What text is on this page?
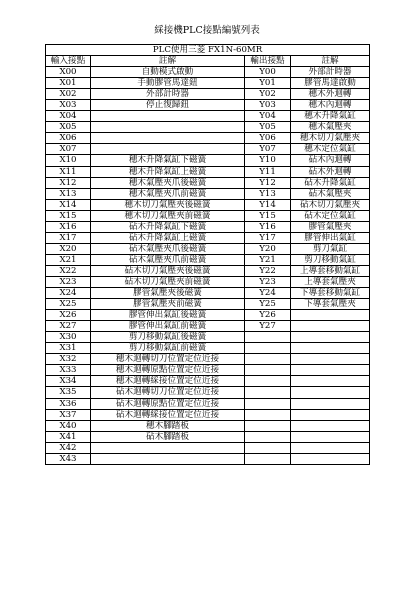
綵接機PLC接點編號列表
PLC使用三菱 FX1N-60MR			
輸入接點	註解	輸出接點	註解
X00	自動模式啟動	Y00	外部計時器
X01	手動膠管馬達鈕	Y01	膠管馬達啟動
X02	外部計時器	Y02	穗木外迴轉
X03	停止復歸鈕	Y03	穗木內迴轉
X04		Y04	穗木升降氣缸
X05		Y05	穗木氣壓夾
X06		Y06	穗木切刀氣壓夾
X07		Y07	穗木定位氣缸
X10	穗木升降氣缸下磁簧	Y10	砧木內迴轉
X11	穗木升降氣缸上磁簧	Y11	砧木外迴轉
X12	穗木氣壓夾爪後磁簧	Y12	砧木升降氣缸
X13	穗木氣壓夾爪前磁簧	Y13	砧木氣壓夾
X14	穗木切刀氣壓夾後磁簧	Y14	砧木切刀氣壓夾
X15	穗木切刀氣壓夾前磁簧	Y15	砧木定位氣缸
X16	砧木升降氣缸下磁簧	Y16	膠管氣壓夾
X17	砧木升降氣缸上磁簧	Y17	膠管伸出氣缸
X20	砧木氣壓夾爪後磁簧	Y20	剪刀氣缸
X21	砧木氣壓夾爪前磁簧	Y21	剪刀移動氣缸
X22	砧木切刀氣壓夾後磁簧	Y22	上導套移動氣缸
X23	砧木切刀氣壓夾前磁簧	Y23	上導套氣壓夾
X24	膠管氣壓夾後磁簧	Y24	下導套移動氣缸
X25	膠管氣壓夾前磁簧	Y25	下導套氣壓夾
X26	膠管伸出氣缸後磁簧	Y26	
X27	膠管伸出氣缸前磁簧	Y27	
X30	剪刀移動氣缸後磁簧		
X31	剪刀移動氣缸前磁簧		
X32	穗木迴轉切刀位置定位近接		
X33	穗木迴轉原點位置定位近接		
X34	穗木迴轉綵接位置定位近接		
X35	砧木迴轉切刀位置定位近接		
X36	砧木迴轉原點位置定位近接		
X37	砧木迴轉綵接位置定位近接		
X40	穗木腳踏板		
X41	砧木腳踏板		
X42			
X43			
